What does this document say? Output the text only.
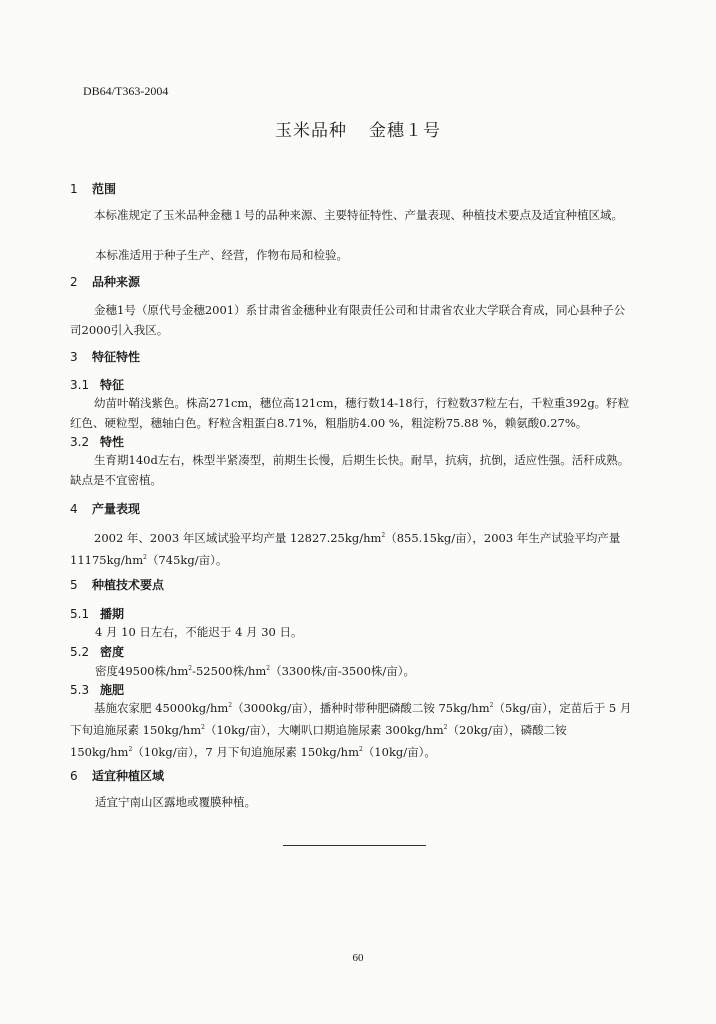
DB64/T363-2004
玉米品种 金穗１号
1 范围
本标准规定了玉米品种金穗１号的品种来源、主要特征特性、产量表现、种植技术要点及适宜种植区域。
本标准适用于种子生产、经营，作物布局和检验。
2 品种来源
金穗1号（原代号金穗2001）系甘肃省金穗种业有限责任公司和甘肃省农业大学联合育成，同心县种子公司2000引入我区。
3 特征特性
3.1 特征
幼苗叶鞘浅紫色。株高271cm，穗位高121cm，穗行数14-18行，行粒数37粒左右，千粒重392g。籽粒红色、硬粒型，穗轴白色。籽粒含粗蛋白8.71%，粗脂肪4.00 %，粗淀粉75.88 %，赖氨酸0.27%。
3.2 特性
生育期140d左右，株型半紧凑型，前期生长慢，后期生长快。耐旱，抗病，抗倒，适应性强。活秆成熟。缺点是不宜密植。
4 产量表现
2002 年、2003 年区域试验平均产量 $12827.25kg/hm^2(855.15kg/$亩），2003 年生产试验平均产量 $11175kg/hm^2(745kg/$亩）。
5 种植技术要点
5.1 播期
4 月 10 日左右，不能迟于 4 月 30 日。
5.2 密度
密度49500株$/hm^2-52500$株$/hm^2(3300$株/亩-3500株/亩）。
5.3 施肥
基施农家肥 $45000kg/hm^2(3000kg/$亩），播种时带种肥磷酸二铵 $75kg/hm^2(5kg/$亩），定苗后于 5 月下旬追施尿素 $150kg/hm^2(10kg/$亩），大喇叭口期追施尿素 $300kg/hm^2(20kg/$亩），磷酸二铵 $150kg/hm^2(10kg/$亩），7 月下旬追施尿素 $150kg/hm^2(10kg/$亩）。
6 适宜种植区域
适宜宁南山区露地或覆膜种植。
60
